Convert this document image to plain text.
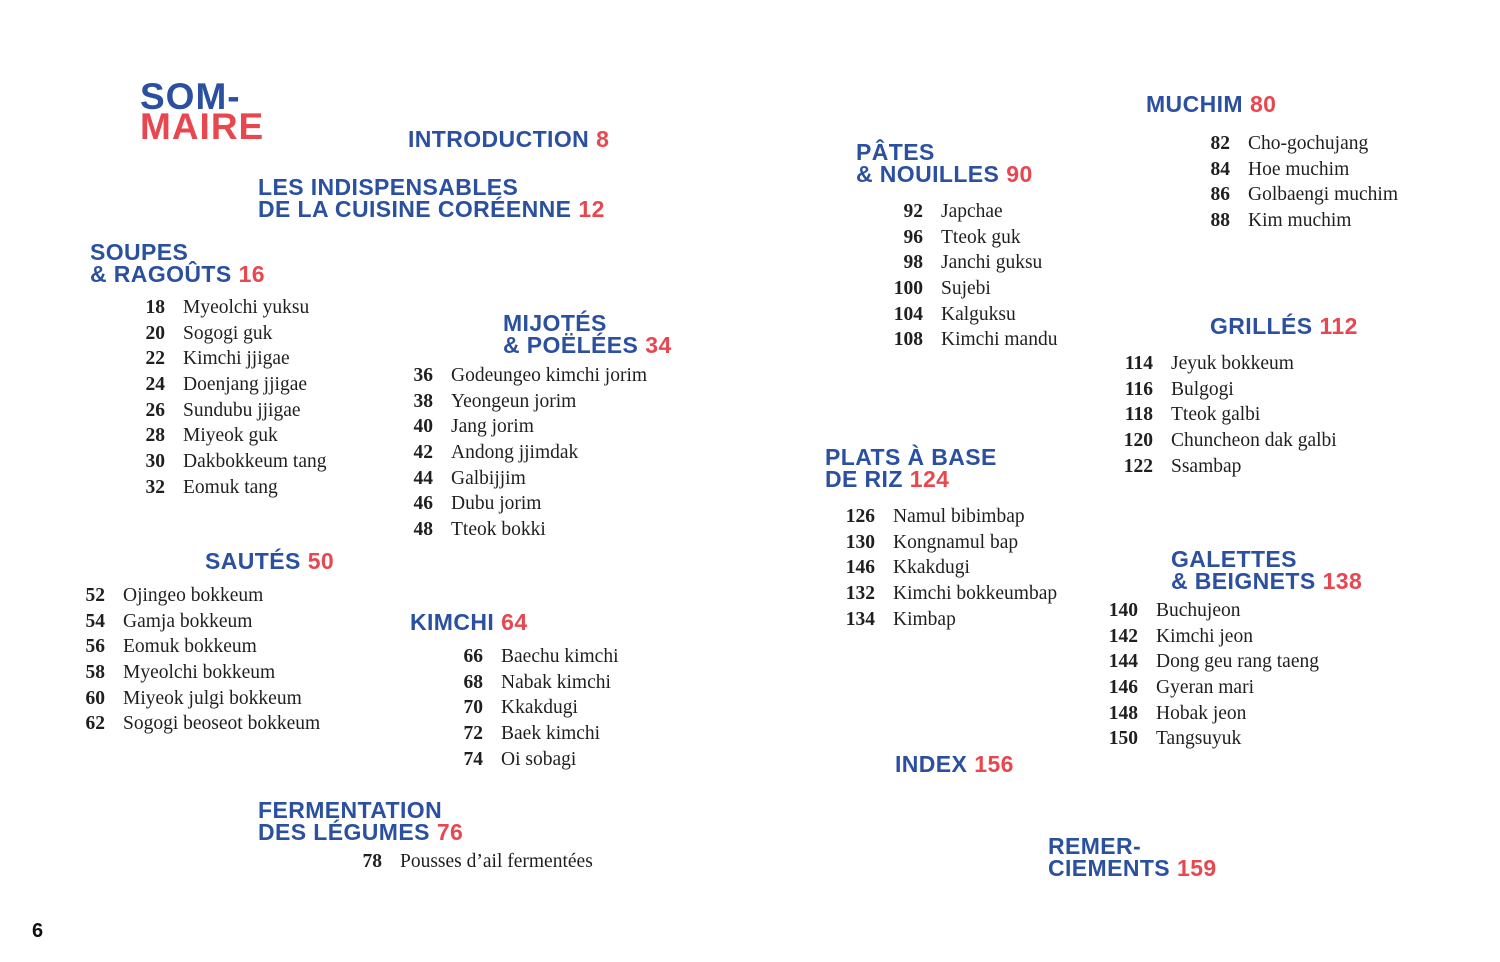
SOM-
MAIRE	INTRODUCTION 8
LES INDISPENSABLES
DE LA CUISINE CORÉENNE 12
SOUPES
& RAGOÛTS 16
MIJOTÉS
& POËLÉES 34
SAUTÉS 50
KIMCHI 64
FERMENTATION
DES LÉGUMES 76
PÂTES
& NOUILLES 90
PLATS À BASE
DE RIZ 124
INDEX 156
MUCHIM 80
GRILLÉS 112
GALETTES
& BEIGNETS 138
REMER-
CIEMENTS 159
18 Myeolchi yuksu
20 Sogogi guk
22 Kimchi jjigae
24 Doenjang jjigae
26 Sundubu jjigae
28 Miyeok guk
30 Dakbokkeum tang
32 Eomuk tang
36 Godeungeo kimchi jorim
38 Yeongeun jorim
40 Jang jorim
42 Andong jjimdak
44 Galbijjim
46 Dubu jorim
48 Tteok bokki
52 Ojingeo bokkeum
54 Gamja bokkeum
56 Eomuk bokkeum
58 Myeolchi bokkeum
60 Miyeok julgi bokkeum
62 Sogogi beoseot bokkeum
66 Baechu kimchi
68 Nabak kimchi
70 Kkakdugi
72 Baek kimchi
74 Oi sobagi
78 Pousses d’ail fermentées
92 Japchae
96 Tteok guk
98 Janchi guksu
100 Sujebi
104 Kalguksu
108 Kimchi mandu
126 Namul bibimbap
130 Kongnamul bap
146 Kkakdugi
132 Kimchi bokkeumbap
134 Kimbap
82 Cho-gochujang
84 Hoe muchim
86 Golbaengi muchim
88 Kim muchim
114 Jeyuk bokkeum
116 Bulgogi
118 Tteok galbi
120 Chuncheon dak galbi
122 Ssambap
140 Buchujeon
142 Kimchi jeon
144 Dong geu rang taeng
146 Gyeran mari
148 Hobak jeon
150 Tangsuyuk
6
